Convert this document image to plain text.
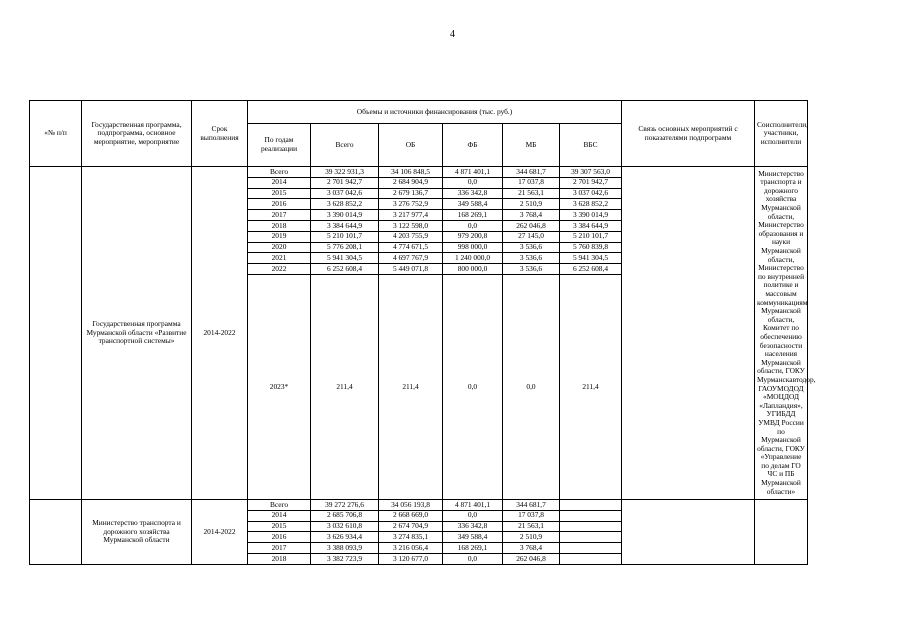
4
«№ п/п	Государственная программа, подпрограмма, основное мероприятие, мероприятие	Срок выполнения	Объемы и источники финансирования (тыс. руб.)						Связь основных мероприятий с показателями подпрограмм	Соисполнители, участники, исполнители
			По годам реализации	Всего	ОБ	ФБ	МБ	ВБС		
	Государственная программа Мурманской области «Развитие транспортной системы»	2014-2022	Всего	39 322 931,3	34 106 848,5	4 871 401,1	344 681,7	39 307 563,0		Министерство транспорта и дорожного хозяйства Мурманской области, Министерство образования и науки Мурманской области, Министерство по внутренней политике и массовым коммуникациям Мурманской области, Комитет по обеспечению безопасности населения Мурманской области, ГОКУ Мурманскавтодор, ГАОУМОДОД «МОЦДОД «Лапландия», УГИБДД УМВД России по Мурманской области, ГОКУ «Управление по делам ГО ЧС и ПБ Мурманской области»
			2014	2 701 942,7	2 684 904,9	0,0	17 037,8	2 701 942,7		
			2015	3 037 042,6	2 679 136,7	336 342,8	21 563,1	3 037 042,6		
			2016	3 628 852,2	3 276 752,9	349 588,4	2 510,9	3 628 852,2		
			2017	3 390 014,9	3 217 977,4	168 269,1	3 768,4	3 390 014,9		
			2018	3 384 644,9	3 122 598,0	0,0	262 046,8	3 384 644,9		
			2019	5 210 101,7	4 203 755,9	979 200,8	27 145,0	5 210 101,7		
			2020	5 776 208,1	4 774 671,5	998 000,0	3 536,6	5 760 839,8		
			2021	5 941 304,5	4 697 767,9	1 240 000,0	3 536,6	5 941 304,5		
			2022	6 252 608,4	5 449 071,8	800 000,0	3 536,6	6 252 608,4		
			2023*	211,4	211,4	0,0	0,0	211,4		
	Министерство транспорта и дорожного хозяйства Мурманской области	2014-2022	Всего	39 272 276,6	34 056 193,8	4 871 401,1	344 681,7			
			2014	2 685 706,8	2 668 669,0	0,0	17 037,8			
			2015	3 032 610,8	2 674 704,9	336 342,8	21 563,1			
			2016	3 626 934,4	3 274 835,1	349 588,4	2 510,9			
			2017	3 388 093,9	3 216 056,4	168 269,1	3 768,4			
			2018	3 382 723,9	3 120 677,0	0,0	262 046,8			
